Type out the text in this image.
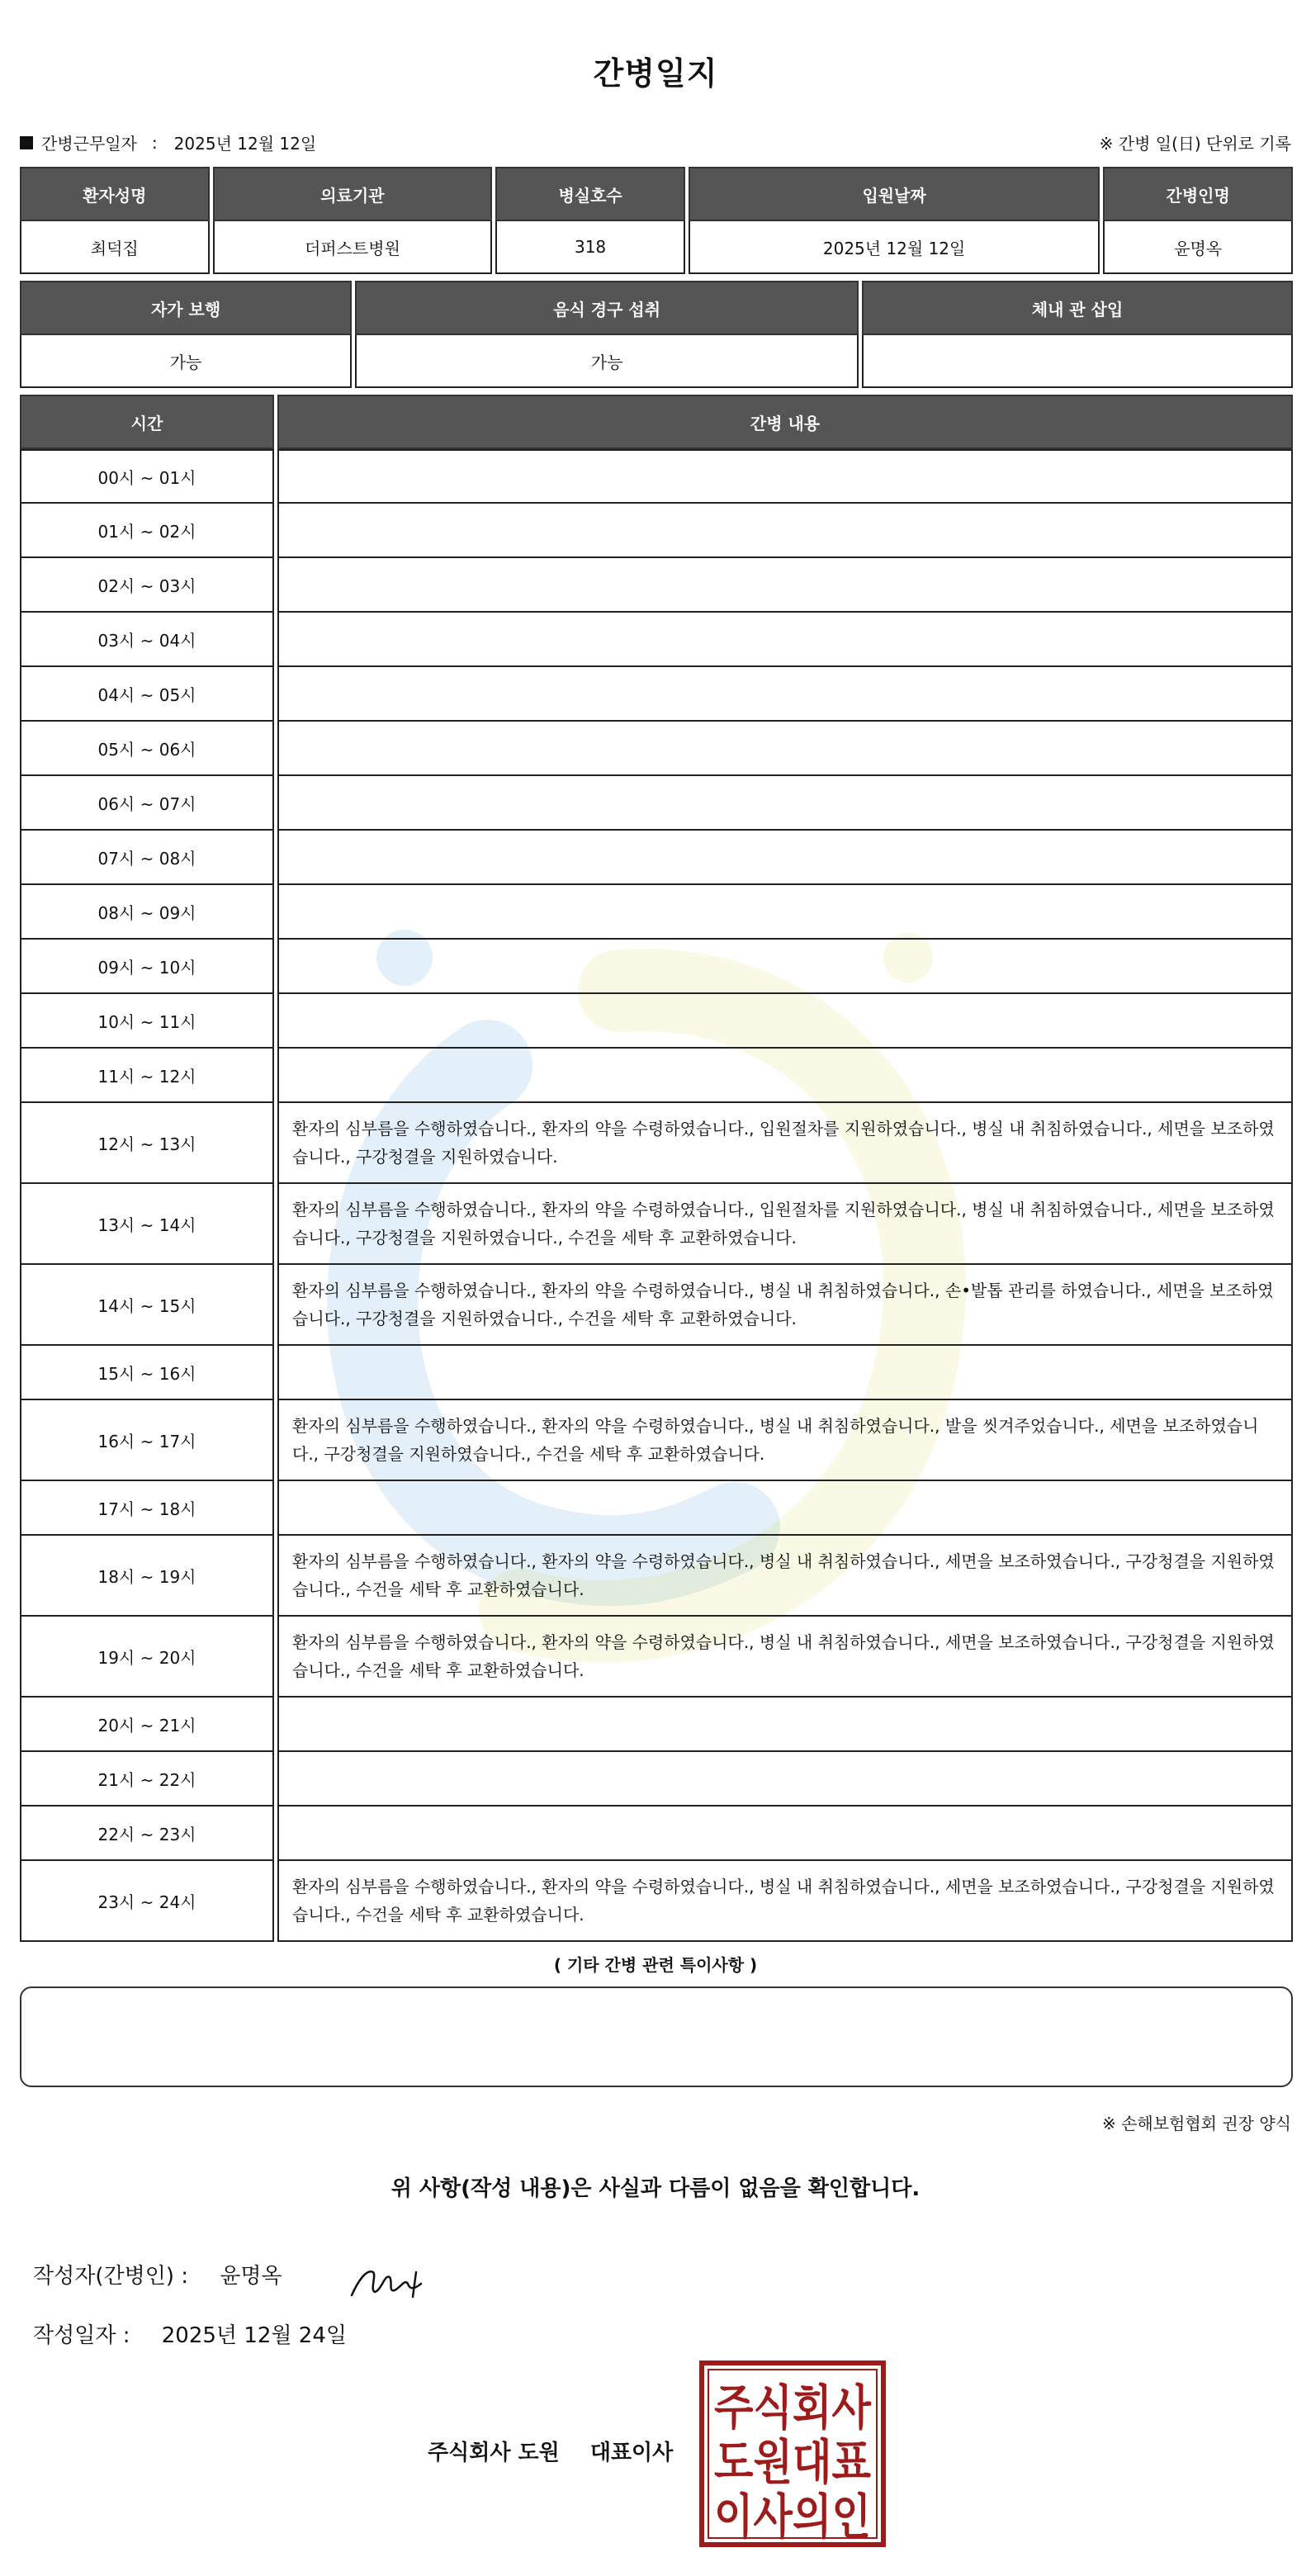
간병일지
간병근무일자 : 2025년 12월 12일	※ 간병 일(日) 단위로 기록
환자성명	의료기관	병실호수	입원날짜	간병인명
최덕집	더퍼스트병원	318	2025년 12월 12일	윤명옥
자가 보행	음식 경구 섭취	체내 관 삽입
가능	가능	
시간	간병 내용
00시 ~ 01시	
01시 ~ 02시	
02시 ~ 03시	
03시 ~ 04시	
04시 ~ 05시	
05시 ~ 06시	
06시 ~ 07시	
07시 ~ 08시	
08시 ~ 09시	
09시 ~ 10시	
10시 ~ 11시	
11시 ~ 12시	
12시 ~ 13시	환자의 심부름을 수행하였습니다., 환자의 약을 수령하였습니다., 입원절차를 지원하였습니다., 병실 내 취침하였습니다., 세면을 보조하였습니다., 구강청결을 지원하였습니다.
13시 ~ 14시	환자의 심부름을 수행하였습니다., 환자의 약을 수령하였습니다., 입원절차를 지원하였습니다., 병실 내 취침하였습니다., 세면을 보조하였습니다., 구강청결을 지원하였습니다., 수건을 세탁 후 교환하였습니다.
14시 ~ 15시	환자의 심부름을 수행하였습니다., 환자의 약을 수령하였습니다., 병실 내 취침하였습니다., 손•발톱 관리를 하였습니다., 세면을 보조하였습니다., 구강청결을 지원하였습니다., 수건을 세탁 후 교환하였습니다.
15시 ~ 16시	
16시 ~ 17시	환자의 심부름을 수행하였습니다., 환자의 약을 수령하였습니다., 병실 내 취침하였습니다., 발을 씻겨주었습니다., 세면을 보조하였습니다., 구강청결을 지원하였습니다., 수건을 세탁 후 교환하였습니다.
17시 ~ 18시	
18시 ~ 19시	환자의 심부름을 수행하였습니다., 환자의 약을 수령하였습니다., 병실 내 취침하였습니다., 세면을 보조하였습니다., 구강청결을 지원하였습니다., 수건을 세탁 후 교환하였습니다.
19시 ~ 20시	환자의 심부름을 수행하였습니다., 환자의 약을 수령하였습니다., 병실 내 취침하였습니다., 세면을 보조하였습니다., 구강청결을 지원하였습니다., 수건을 세탁 후 교환하였습니다.
20시 ~ 21시	
21시 ~ 22시	
22시 ~ 23시	
23시 ~ 24시	환자의 심부름을 수행하였습니다., 환자의 약을 수령하였습니다., 병실 내 취침하였습니다., 세면을 보조하였습니다., 구강청결을 지원하였습니다., 수건을 세탁 후 교환하였습니다.
( 기타 간병 관련 특이사항 )
※ 손해보험협회 권장 양식
위 사항(작성 내용)은 사실과 다름이 없음을 확인합니다.
작성자(간병인) : 윤명옥
작성일자 : 2025년 12월 24일
주식회사 도원 대표이사
주식회사
도원대표
이사의인
